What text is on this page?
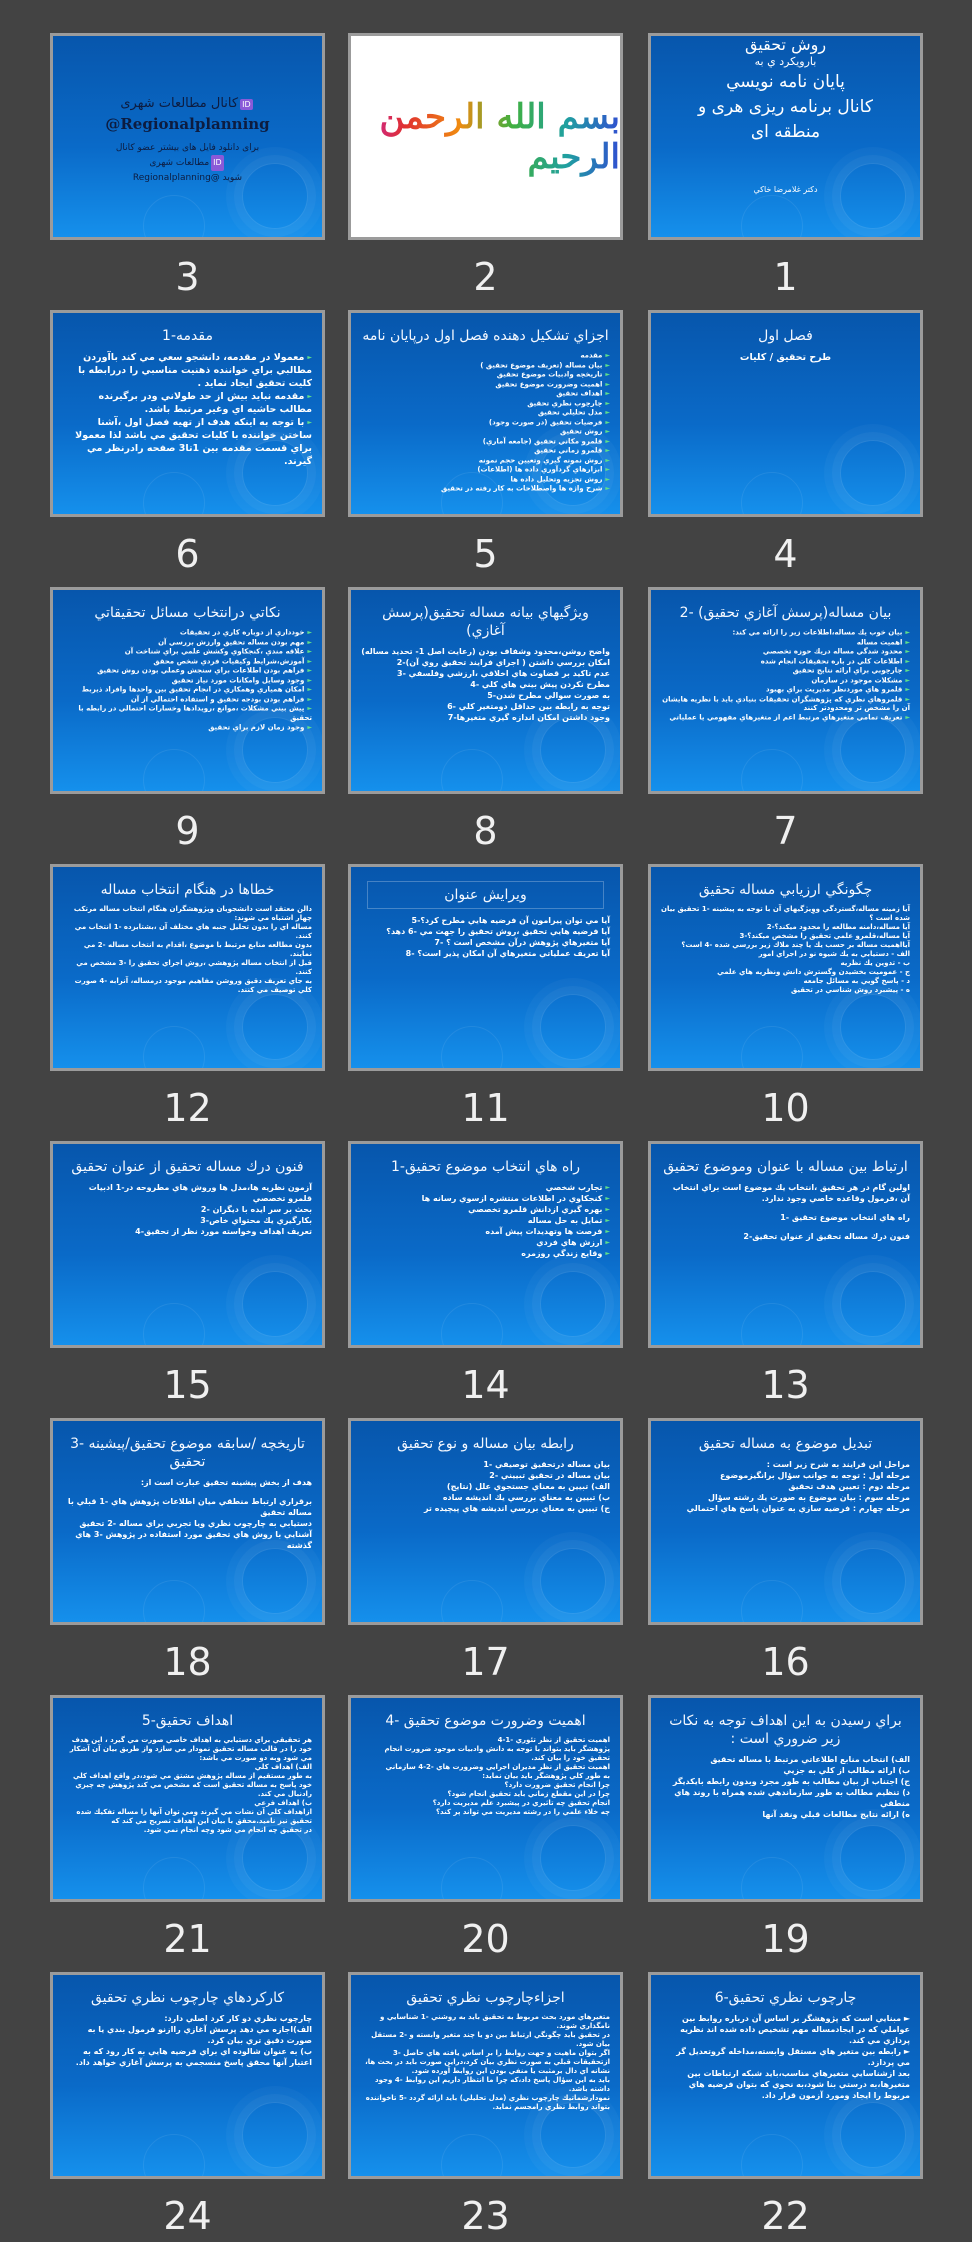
روش تحقيق
بارويكرد ي به
پايان نامه نويسي
كانال برنامه ريزی هری و
منطقه ای
دكتر غلامرضا خاكي
1
بسم الله الرحمن الرحيم
2
IDكانال مطالعات شهری
@Regionalplanning
برای دانلود فایل های بیشتر عضو کانال
IDمطالعات شهری
شوید @Regionalplanning
3
فصل اول
طرح تحقيق / كليات
4
اجزاي تشكيل دهنده فصل اول درپايان نامه
► مقدمه
► بيان مساله (تعريف موضوع تحقيق )
► تاريخچه وادبيات موضوع تحقيق
► اهميت وضرورت موضوع تحقيق
► اهداف تحقيق
► چارچوب نظري تحقيق
► مدل تحليلي تحقيق
► فرضيات تحقيق (در صورت وجود)
► روش تحقيق
► قلمرو مكاني تحقيق (جامعه آماري)
► قلمرو زماني تحقيق
► روش نمونه گيري وتعيين حجم نمونه
► ابزارهاي گردآوري داده ها (اطلاعات)
► روش تجزيه وتحليل داده ها
► شرح واژه ها واصطلاحات به كار رفته در تحقيق
5
مقدمه-1
► معمولا در مقدمه، دانشجو سعي مي كند باآوردن مطالبي براي خواننده ذهنيت مناسبي را دررابطه با كليت تحقيق ايجاد نمايد .
► مقدمه نبايد بيش از حد طولاني ودر برگيرنده مطالب حاشيه اي وغير مرتبط باشد.
► با توجه به اينكه هدف از تهيه فصل اول ،آشنا ساختن خواننده با كليات تحقيق مي باشد لذا معمولا براي قسمت مقدمه بين 1تا3 صفحه رادرنظر مي گيرند.
6
بيان مساله(پرسش آغازي تحقيق) -2
► بيان خوب يك مساله،اطلاعات زير را ارائه مي كند:
► اهميت مساله
► محدود شدگي مساله دريك حوزه تخصصي
► اطلاعات كلي در باره تحقيقات انجام شده
► چارچوبي براي ارائه نتايج تحقيق
► مشكلات موجود در سازمان
► قلمرو هاي موردنظر مديريت براي بهبود
► قلمروهاي نظري كه پژوهشگران تحقيقات بنيادي بايد با نظريه هايشان آن را مشخص تر ومحدودتر كنند
► تعريف تمامي متغيرهاي مرتبط اعم از متغيرهاي مفهومي يا عملياتي
7
ويژگيهاي بيانه مساله تحقيق(پرسش آغازي)
واضح روشن،محدود وشفاف بودن (رعايت اصل 1- تحديد مساله)
امكان بررسي داشتن ( اجراي فرايند تحقيق روي آن)-2
عدم تاكيد بر قضاوت هاي اخلاقي ،ارزشي وفلسفي -3
مطرح نكردن پيش بيني هاي كلي -4
به صورت سوالي مطرح شدن-5
توجه به رابطه بين حداقل دومتغير كلي -6
وجود داشتن امكان اندازه گيري متغيرها-7
8
نكاتي درانتخاب مسائل تحقيقاتي
► خودداري از دوباره كاري در تحقيقات
► مهم بودن مساله تحقيق وارزش بررسي آن
► علاقه مندي ،كنجكاوي وكشش علمي براي شناخت آن
► آموزش،شرايط وكيفيات فردي شخص محقق
► فراهم بودن اطلاعات براي سنجش وعملي بودن روش تحقيق
► وجود وسايل وامكانات مورد نياز تحقيق
► امكان همياري وهمكاري در انجام تحقيق بين واحدها وافراد ذيربط
► فراهم بودن بودجه تحقيق و استفاده احتمالي از آن
► پيش بيني مشكلات ،موانع ،رويدادها وخسارات احتمالي در رابطه با تحقيق
► وجود زمان لازم براي تحقيق
9
چگونگي ارزيابي مساله تحقيق
آيا زمينه مساله،گستردگي ووِيژگيهاي آن با توجه به پيشينه -1 تحقيق بيان شده است ؟
آيا مساله،دامنه مطالعه را محدود ميكند؟-2
آيا مساله،قلمرو علمي تحقيق را مشخص ميكند؟-3
آيااهميت مساله بر حسب يك يا چند ملاك زير بررسي شده -4 است؟
الف - دستيابي به يك شيوه نو در اجراي امور
ب - تدوين يك نظريه
ج - عموميت بخشيدن وگسترش دانش ونظريه هاي علمي
د - پاسخ گويي به مسائل جامعه
ه - پيشبرد روش شناسي در تحقيق
10
ويرايش عنوان
آيا مي توان پيرامون آن فرضيه هايي مطرح كرد؟-5
آيا فرضيه هايي تحقيق ،روش تحقيق را جهت مي -6 دهد؟
آيا متغيرهاي پژوهش درآن مشخص است ؟ -7
آيا تعريف عملياتي متغيرهاي آن امكان پذير است؟ -8
11
خطاها در هنگام انتخاب مساله
دالن معتقد است دانشجويان وپژوهشگران هنگام انتخاب مساله مرتكب چهار اشتباه مي شوند:
مساله اي را بدون تحليل جنبه هاي مختلف آن ،بشتابزده -1 انتخاب مي كنند.
بدون مطالعه منابع مرتبط با موضوع ،اقدام به انتخاب مساله -2 مي نمايند.
قبل از انتخاب مساله پژوهشي ،روش اجراي تحقيق را -3 مشخص مي كنند.
به جاي تعريف دقيق وروشن مفاهيم موجود درمساله، آنرابه -4 صورت كلي توصيف مي كنند.
12
ارتباط بين مساله با عنوان وموضوع تحقيق
اولين گام در هر تحقيق ،انتخاب يك موضوع است براي انتخاب آن ،فرمول وقاعده خاصي وجود ندارد.
راه هاي انتخاب موضوع تحقيق -1
فنون درك مساله تحقيق از عنوان تحقيق-2
13
راه هاي انتخاب موضوع تحقيق-1
► تجارب شخصي
► كنجكاوي در اطلاعات منتشره ازسوي رسانه ها
► بهره گيري ازدانش قلمرو تخصصي
► تمايل به حل مساله
► فرصت ها وتهديدات پيش آمده
► ارزش هاي فردي
► وقايع زندگي روزمره
14
فنون درك مساله تحقيق از عنوان تحقيق
آزمون نظريه ها،مدل ها وروش هاي مطروحه در-1 ادبيات قلمرو تخصصي
بحث بر سر ايده با ديگران -2
بكارگيري يك محتواي خاص-3
تعريف اهداف وخواسته مورد نظر از تحقيق-4
15
تبديل موضوع به مساله تحقيق
مراحل اين فرايند به شرح زير است :
مرحله اول : توجه به جوانب سؤال برانگيزموضوع
مرحله دوم : تعيين هدف تحقيق
مرحله سوم : بيان موضوع به صورت يك رشته سؤال
مرحله چهارم : فرضيه سازي به عنوان پاسخ هاي احتمالي
16
رابطه بيان مساله و نوع تحقيق
بيان مساله درتحقيق توصيفي -1
بيان مساله در تحقيق تبييني -2
الف) تبيين به معناي جستجوي علل (نتايج)
ب) تبيين به معناي بررسي يك انديشه ساده
ج) تبيين به معناي بررسي انديشه هاي پيچيده تر
17
تاريخچه /سابقه موضوع تحقيق/پيشينه -3 تحقيق
هدف از بخش پيشينه تحقيق عبارت است از:
برقراري ارتباط منطقي ميان اطلاعات پژوهش هاي -1 قبلي با مساله تحقيق
دستيابي به چارچوب نظري ويا تجربي براي مساله -2 تحقيق
آشنايي با روش هاي تحقيق مورد استفاده در پژوهش -3 هاي گذشته
18
براي رسيدن به اين اهداف توجه به نكات زير ضروري است :
الف) انتخاب منابع اطلاعاتي مرتبط با مساله تحقيق
ب) ارائه مطالب از كلي به جزيي
ج) اجتناب از بيان مطالب به طور مجرد وبدون رابطه بايكديگر
د) تنظيم مطالب به طور سازماندهي شده همراه با روند هاي منطقي
ه) ارائه نتايج مطالعات قبلي ونقد آنها
19
اهميت وضرورت موضوع تحقيق -4
اهميت تحقيق از نظر تئوري -1-4
پژوهشگر بايد بتواند با توجه به دانش وادبيات موجود ضرورت انجام تحقيق خود را بيان كند.
اهميت تحقيق از نظر مديران اجرايي وضرورت هاي -2-4 سازماني
به طور كلي پژوهشگر بايد بيان نمايد:
چرا انجام تحقيق ضرورت دارد؟
چرا در اين مقطع زماني بايد تحقيق انجام شود؟
انجام تحقيق چه تاثيري در پيشبرد علم مديريت دارد؟
چه خلاء علمي را در رشته مديريت مي تواند پر كند؟
20
اهداف تحقيق-5
هر تحقيقي براي دستيابي به اهداف خاصي صورت مي گيرد ، اين هدف خود را در قالب مساله تحقيق نمودار مي سازد واز طريق بيان آن آشكار مي شود وبه دو صورت مي باشد:
الف) اهداف كلي
به طور مستقيم از مساله پژوهش مشتق مي شود،در واقع اهداف كلي خود پاسخ به مساله تحقيق است كه مشخص مي كند پژوهش چه چيزي رادنبال مي كند.
ب) اهداف فرعي
ازاهداف كلي آن نشات مي گيرند ومي توان آنها را مساله تفكيك شده تحقيق نيز ناميد.محقق با بيان اين اهداف تصريح مي كند كه
در تحقيق چه انجام مي شود وچه انجام نمي شود.
21
چارچوب نظري تحقيق-6
► مبنايي است كه پژوهشگر بر اساس آن درباره روابط بين عواملي كه در ايجادمساله مهم تشخيص داده شده اند نظريه پردازي مي كند.
► رابطه بين متغير هاي مستقل وابسته،مداخله گروتعديل گر
مي پردازد.
بعد ازشناسايي متغيرهاي مناسب،بايد شبكه ارتباطات بين متغيرها،به درستي بنا شود،به نحوي كه بتوان فرضيه هاي مربوط را ايجاد ومورد آزمون قرار داد.
22
اجزاءچارچوب نظري تحقيق
متغيرهاي مورد بحث مربوط به تحقيق بايد به روشني -1 شناسايي و نامگذاري شوند.
در تحقيق بايد چگونگي ارتباط بين دو يا چند متغير وابسته و -2 مستقل بيان شود.
اگر بتوان ماهيت و جهت روابط را بر اساس يافته هاي حاصل -3 ازتحقيقات قبلي به صورت نظري بيان كرد،دراين صورت بايد در بحث ها، نشانه اي دال برمثبت يا منفي بودن اين روابط آورده شود.
بايد به اين سؤال پاسخ داد،كه چرا ما انتظار داريم اين روابط -4 وجود داشته باشد.
نمودارشماتيك چارچوب نظري (مدل تحليلي) بايد ارائه گردد -5 تاخواننده بتواند روابط نظري رامجسم نمايد.
23
كاركردهاي چارچوب نظري تحقيق
چارچوب نظري دو كار كرد اصلي دارد:
الف)اجازه مي دهد پرسش آغازي راازنو فرمول بندي يا به صورت دقيق تري بيان كرد.
ب) به عنوان شالوده اي براي فرضيه هايي به كار رود كه به
اعتبار آنها محقق پاسخ منسجمي به پرسش آغازي خواهد داد.
24
